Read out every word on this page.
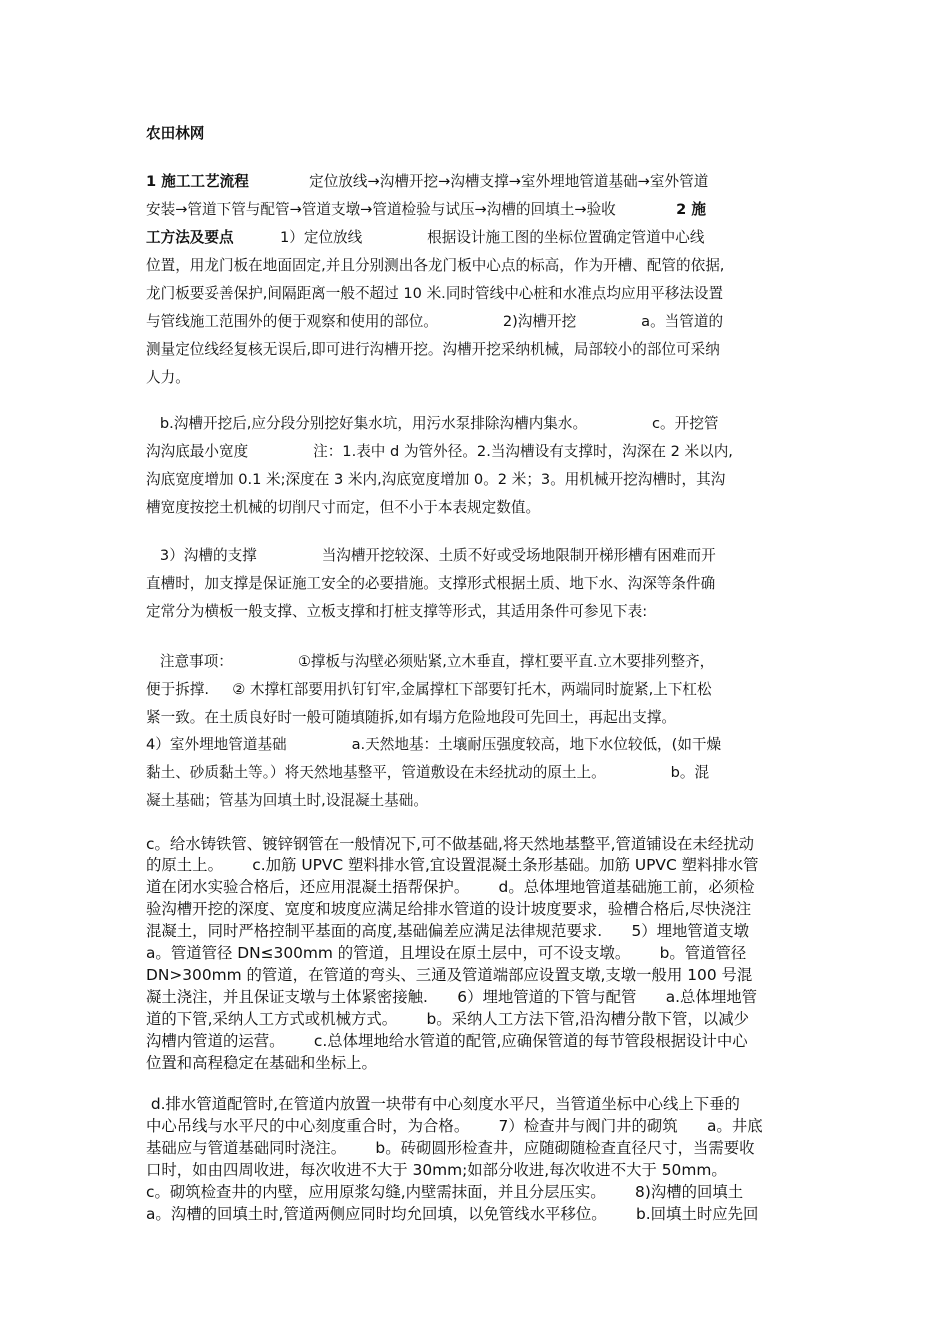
农田林网
1 施工工艺流程             定位放线→沟槽开挖→沟槽支撑→室外埋地管道基础→室外管道
安装→管道下管与配管→管道支墩→管道检验与试压→沟槽的回填土→验收             2 施
工方法及要点          1）定位放线              根据设计施工图的坐标位置确定管道中心线
位置，用龙门板在地面固定,并且分别测出各龙门板中心点的标高，作为开槽、配管的依据,
龙门板要妥善保护,间隔距离一般不超过 10 米.同时管线中心桩和水准点均应用平移法设置
与管线施工范围外的便于观察和使用的部位。              2)沟槽开挖              a。当管道的
测量定位线经复核无误后,即可进行沟槽开挖。沟槽开挖采纳机械，局部较小的部位可采纳
人力。
b.沟槽开挖后,应分段分别挖好集水坑，用污水泵排除沟槽内集水。              c。开挖管
沟沟底最小宽度              注：1.表中 d 为管外径。2.当沟槽设有支撑时，沟深在 2 米以内,
沟底宽度增加 0.1 米;深度在 3 米内,沟底宽度增加 0。2 米；3。用机械开挖沟槽时，其沟
槽宽度按挖土机械的切削尺寸而定，但不小于本表规定数值。
3）沟槽的支撑              当沟槽开挖较深、土质不好或受场地限制开梯形槽有困难而开
直槽时，加支撑是保证施工安全的必要措施。支撑形式根据土质、地下水、沟深等条件确
定常分为横板一般支撑、立板支撑和打桩支撑等形式，其适用条件可参见下表:
注意事项：              ①撑板与沟壁必须贴紧,立木垂直，撑杠要平直.立木要排列整齐，
便于拆撑.     ② 木撑杠部要用扒钉钉牢,金属撑杠下部要钉托木，两端同时旋紧,上下杠松
紧一致。在土质良好时一般可随填随拆,如有塌方危险地段可先回土，再起出支撑。
4）室外埋地管道基础              a.天然地基：土壤耐压强度较高，地下水位较低，(如干燥
黏土、砂质黏土等。）将天然地基整平，管道敷设在未经扰动的原土上。              b。混
凝土基础；管基为回填土时,设混凝土基础。
c。给水铸铁管、镀锌钢管在一般情况下,可不做基础,将天然地基整平,管道铺设在未经扰动
的原土上。      c.加筋 UPVC 塑料排水管,宜设置混凝土条形基础。加筋 UPVC 塑料排水管
道在闭水实验合格后，还应用混凝土捂帮保护。      d。总体埋地管道基础施工前，必须检
验沟槽开挖的深度、宽度和坡度应满足给排水管道的设计坡度要求，验槽合格后,尽快浇注
混凝土，同时严格控制平基面的高度,基础偏差应满足法律规范要求.      5）埋地管道支墩
a。管道管径 DN≤300mm 的管道，且埋设在原土层中，可不设支墩。      b。管道管径
DN>300mm 的管道，在管道的弯头、三通及管道端部应设置支墩,支墩一般用 100 号混
凝土浇注，并且保证支墩与土体紧密接触.      6）埋地管道的下管与配管      a.总体埋地管
道的下管,采纳人工方式或机械方式。      b。采纳人工方法下管,沿沟槽分散下管，以减少
沟槽内管道的运营。      c.总体埋地给水管道的配管,应确保管道的每节管段根据设计中心
位置和高程稳定在基础和坐标上。
d.排水管道配管时,在管道内放置一块带有中心刻度水平尺，当管道坐标中心线上下垂的
中心吊线与水平尺的中心刻度重合时，为合格。      7）检查井与阀门井的砌筑      a。井底
基础应与管道基础同时浇注。      b。砖砌圆形检查井，应随砌随检查直径尺寸，当需要收
口时，如由四周收进，每次收进不大于 30mm;如部分收进,每次收进不大于 50mm。
c。砌筑检查井的内壁，应用原浆勾缝,内壁需抹面，并且分层压实。      8)沟槽的回填土
a。沟槽的回填土时,管道两侧应同时均允回填，以免管线水平移位。      b.回填土时应先回
